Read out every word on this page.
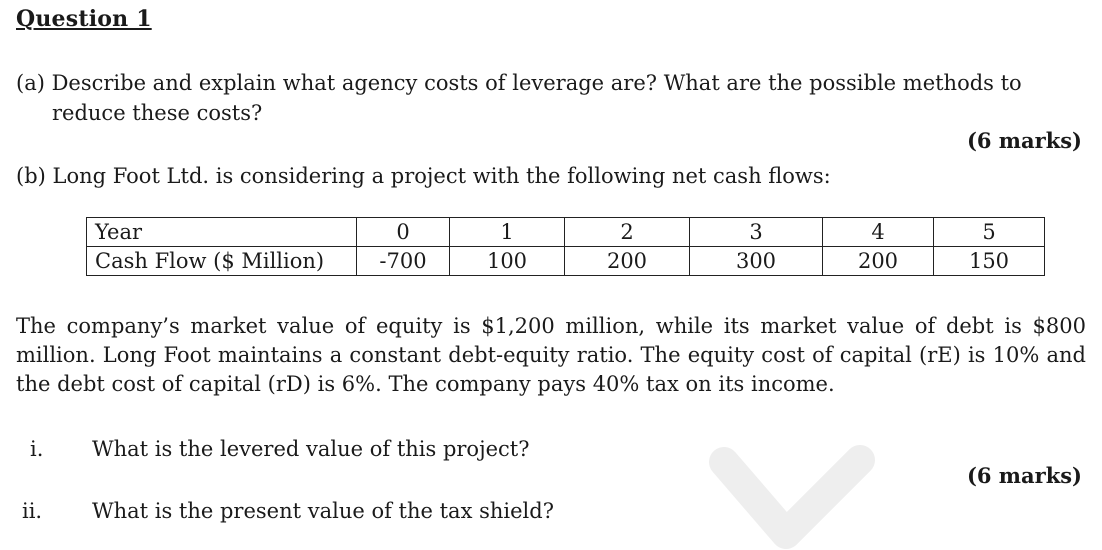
Question 1
(a) Describe and explain what agency costs of leverage are? What are the possible methods to
reduce these costs?
(6 marks)
(b) Long Foot Ltd. is considering a project with the following net cash flows:
Year	0	1	2	3	4	5
Cash Flow ($ Million)	-700	100	200	300	200	150
The company’s market value of equity is $1,200 million, while its market value of debt is $800 million. Long Foot maintains a constant debt-equity ratio. The equity cost of capital (rE) is 10% and the debt cost of capital (rD) is 6%. The company pays 40% tax on its income.
i. What is the levered value of this project?
(6 marks)
ii. What is the present value of the tax shield?
